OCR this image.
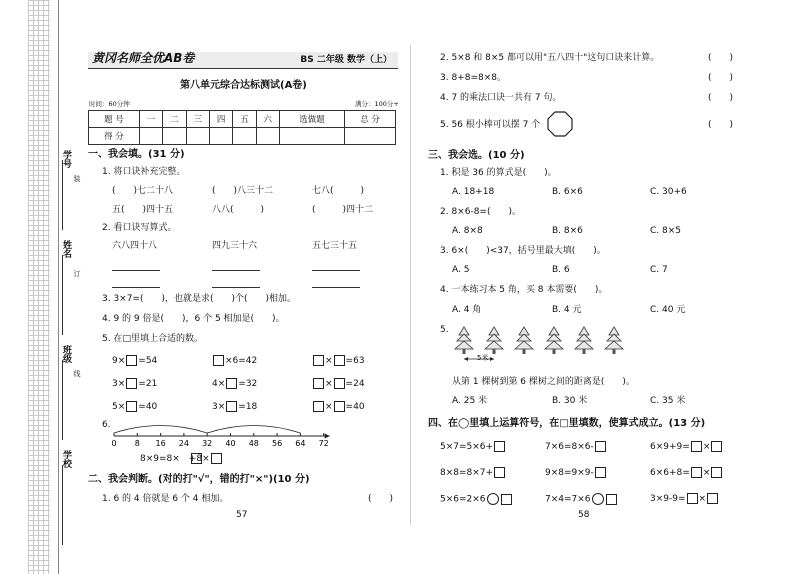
学号
姓名
班级
学校
装
订
线
黄冈名师全优AB卷	BS 二年级 数学（上）
第八单元综合达标测试(A卷)
时间：60分钟	满分：100分+
题 号	一	二	三	四	五	六	选做题	总 分
得 分								
一、我会填。(31 分)
1. 将口诀补充完整。
(　　)七二十八	(　　)八三十二	七八(　　　)
五(　　)四十五	八八(　　　)	(　　　)四十二
2. 看口诀写算式。
六八四十八	四九三十六	五七三十五
3. 3×7=(　　)，也就是求(　　)个(　　)相加。
4. 9 的 9 倍是(　　)，6 个 5 相加是(　　)。
5. 在□里填上合适的数。
9× =54	×6=42	× =63
3× =21	4× =32	× =24
5× =40	3× =18	× =40
6.
0 8 16 24 32 40 48 56 64 72
8×9=8×　+8×
二、我会判断。(对的打"√"，错的打"×")(10 分)
1. 6 的 4 倍就是 6 个 4 相加。	(　　)
57
2. 5×8 和 8×5 都可以用"五八四十"这句口诀来计算。	(　　)
3. 8+8=8×8。	(　　)
4. 7 的乘法口诀一共有 7 句。	(　　)
5. 56 根小棒可以摆 7 个	(　　)
三、我会选。(10 分)
1. 积是 36 的算式是(　　)。
A. 18+18	B. 6×6	C. 30+6
2. 8×6-8=(　　)。
A. 8×8	B. 8×6	C. 8×5
3. 6×(　　)<37，括号里最大填(　　)。
A. 5	B. 6	C. 7
4. 一本练习本 5 角，买 8 本需要(　　)。
A. 4 角	B. 4 元	C. 40 元
5.
5米
从第 1 棵树到第 6 棵树之间的距离是(　　)。
A. 25 米	B. 30 米	C. 35 米
四、在◯里填上运算符号，在□里填数，使算式成立。(13 分)
5×7=5×6+	7×6=8×6-	6×9+9= ×
8×8=8×7+	9×8=9×9-	6×6+8= ×
5×6=2×6	7×4=7×6	3×9-9= ×
58
